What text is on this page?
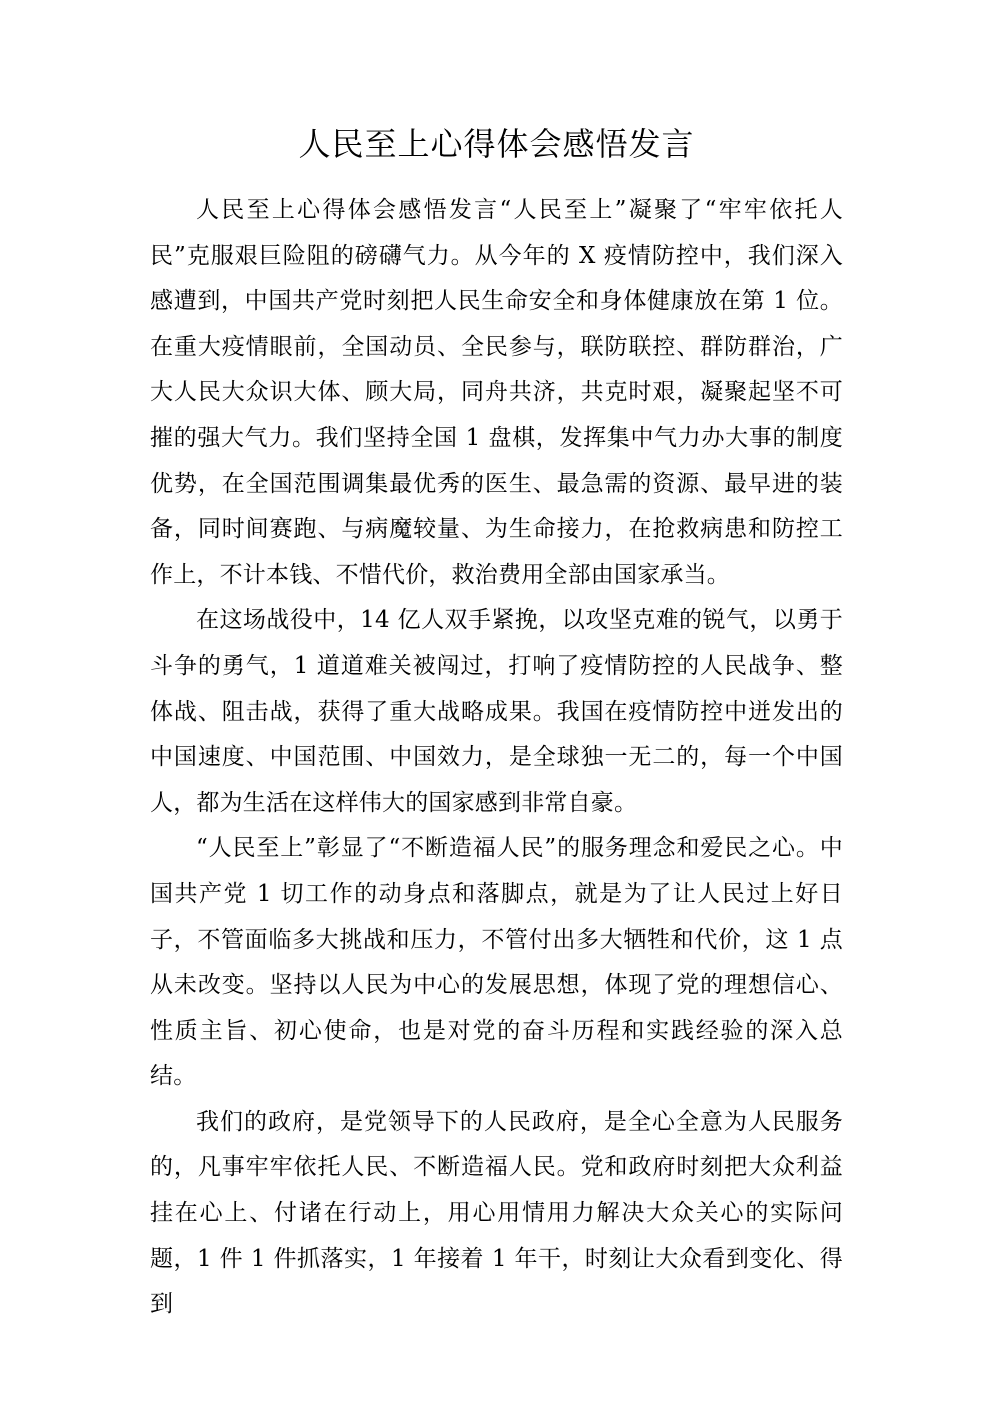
人民至上心得体会感悟发言

人民至上心得体会感悟发言“人民至上”凝聚了“牢牢依托人民”克服艰巨险阻的磅礴气力。从今年的 X 疫情防控中，我们深入感遭到，中国共产党时刻把人民生命安全和身体健康放在第 1 位。在重大疫情眼前，全国动员、全民参与，联防联控、群防群治，广大人民大众识大体、顾大局，同舟共济，共克时艰，凝聚起坚不可摧的强大气力。我们坚持全国 1 盘棋，发挥集中气力办大事的制度优势，在全国范围调集最优秀的医生、最急需的资源、最早进的装备，同时间赛跑、与病魔较量、为生命接力，在抢救病患和防控工作上，不计本钱、不惜代价，救治费用全部由国家承当。

在这场战役中，14 亿人双手紧挽，以攻坚克难的锐气，以勇于斗争的勇气，1 道道难关被闯过，打响了疫情防控的人民战争、整体战、阻击战，获得了重大战略成果。我国在疫情防控中迸发出的中国速度、中国范围、中国效力，是全球独一无二的，每一个中国人，都为生活在这样伟大的国家感到非常自豪。

“人民至上”彰显了“不断造福人民”的服务理念和爱民之心。中国共产党 1 切工作的动身点和落脚点，就是为了让人民过上好日子，不管面临多大挑战和压力，不管付出多大牺牲和代价，这 1 点从未改变。坚持以人民为中心的发展思想，体现了党的理想信心、性质主旨、初心使命，也是对党的奋斗历程和实践经验的深入总结。

我们的政府，是党领导下的人民政府，是全心全意为人民服务的，凡事牢牢依托人民、不断造福人民。党和政府时刻把大众利益挂在心上、付诸在行动上，用心用情用力解决大众关心的实际问题，1 件 1 件抓落实，1 年接着 1 年干，时刻让大众看到变化、得到
